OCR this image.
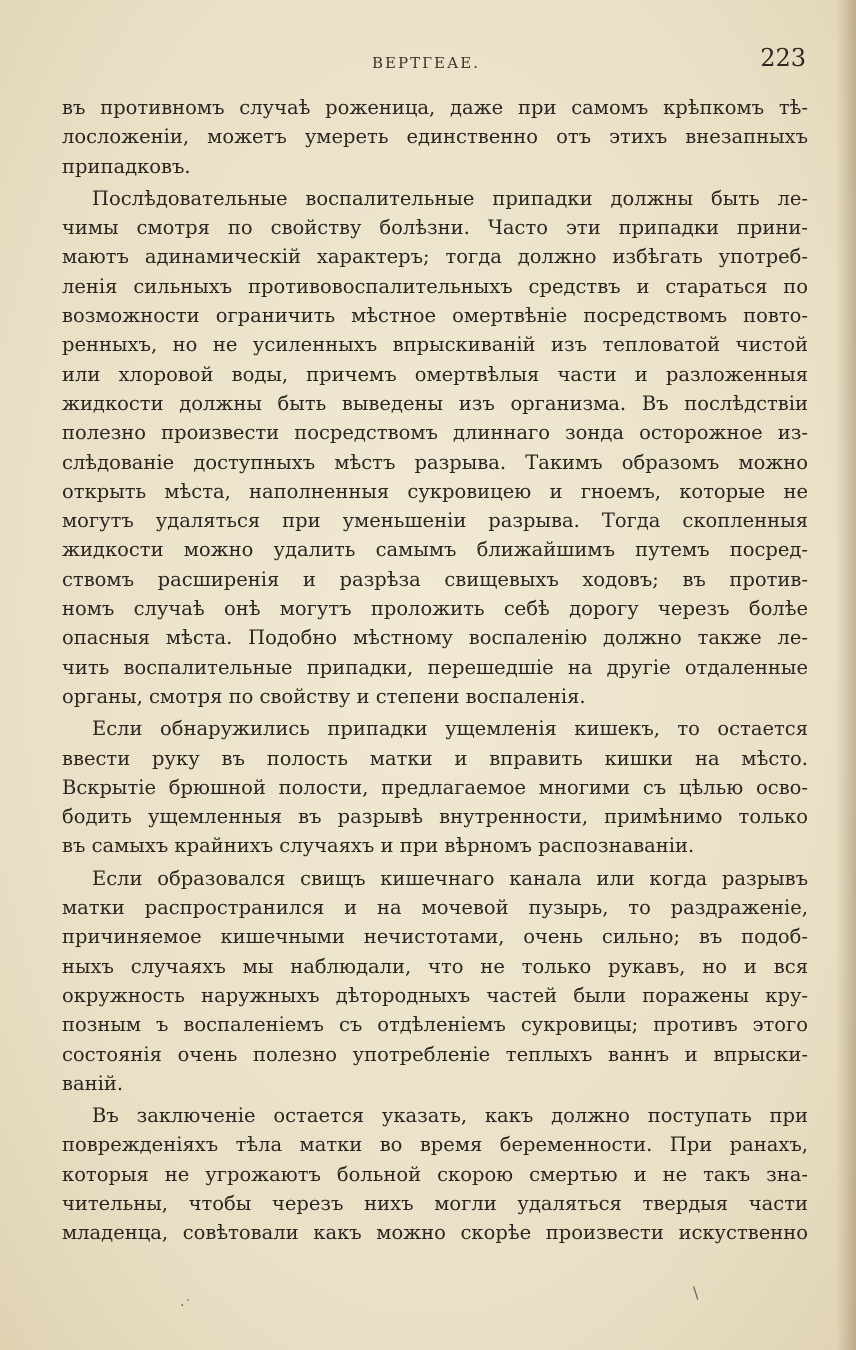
ВЕРТГЕАЕ.	223

въ противномъ случаѣ роженица, даже при самомъ крѣпкомъ тѣ-
лосложеніи, можетъ умереть единственно отъ этихъ внезапныхъ
припадковъ.

Послѣдовательные воспалительные припадки должны быть ле-
чимы смотря по свойству болѣзни. Часто эти припадки прини-
маютъ адинамическій характеръ; тогда должно избѣгать употреб-
ленія сильныхъ противовоспалительныхъ средствъ и стараться по
возможности ограничить мѣстное омертвѣніе посредствомъ повто-
ренныхъ, но не усиленныхъ впрыскиваній изъ тепловатой чистой
или хлоровой воды, причемъ омертвѣлыя части и разложенныя
жидкости должны быть выведены изъ организма. Въ послѣдствіи
полезно произвести посредствомъ длиннаго зонда осторожное из-
слѣдованіе доступныхъ мѣстъ разрыва. Такимъ образомъ можно
открыть мѣста, наполненныя сукровицею и гноемъ, которые не
могутъ удаляться при уменьшеніи разрыва. Тогда скопленныя
жидкости можно удалить самымъ ближайшимъ путемъ посред-
ствомъ расширенія и разрѣза свищевыхъ ходовъ; въ против-
номъ случаѣ онѣ могутъ проложить себѣ дорогу черезъ болѣе
опасныя мѣста. Подобно мѣстному воспаленію должно также ле-
чить воспалительные припадки, перешедшіе на другіе отдаленные
органы, смотря по свойству и степени воспаленія.

Если обнаружились припадки ущемленія кишекъ, то остается
ввести руку въ полость матки и вправить кишки на мѣсто.
Вскрытіе брюшной полости, предлагаемое многими съ цѣлью осво-
бодить ущемленныя въ разрывѣ внутренности, примѣнимо только
въ самыхъ крайнихъ случаяхъ и при вѣрномъ распознаваніи.

Если образовался свищъ кишечнаго канала или когда разрывъ
матки распространился и на мочевой пузырь, то раздраженіе,
причиняемое кишечными нечистотами, очень сильно; въ подоб-
ныхъ случаяхъ мы наблюдали, что не только рукавъ, но и вся
окружность наружныхъ дѣтородныхъ частей были поражены кру-
позным ъ воспаленіемъ съ отдѣленіемъ сукровицы; противъ этого
состоянія очень полезно употребленіе теплыхъ ваннъ и впрыски-
ваній.

Въ заключеніе остается указать, какъ должно поступать при
поврежденіяхъ тѣла матки во время беременности. При ранахъ,
которыя не угрожаютъ больной скорою смертью и не такъ зна-
чительны, чтобы черезъ нихъ могли удаляться твердыя части
младенца, совѣтовали какъ можно скорѣе произвести искуственно

·˙
\
